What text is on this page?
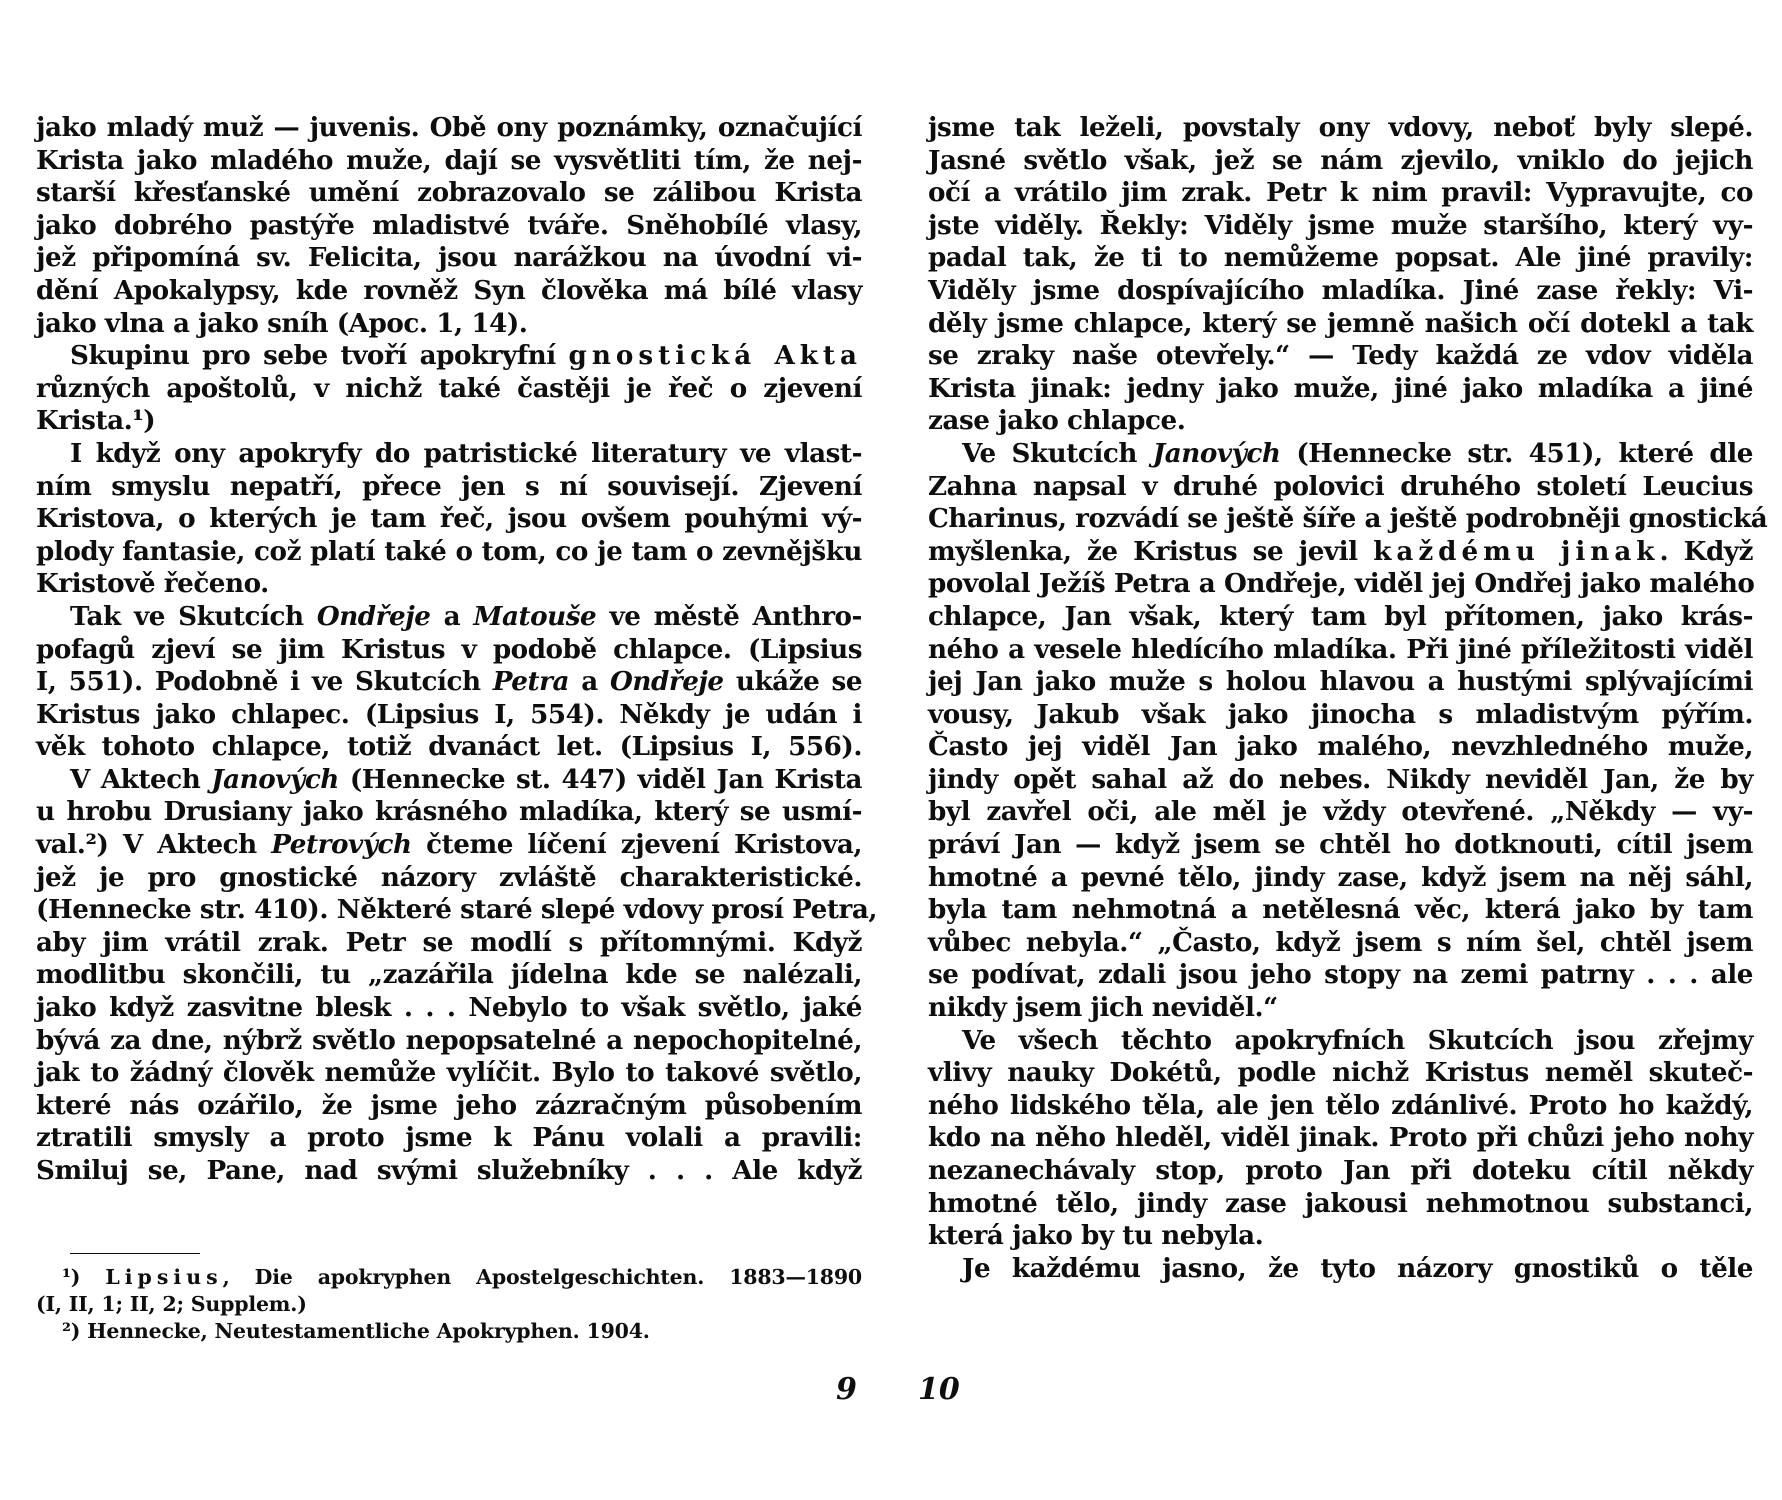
jako mladý muž — juvenis. Obě ony poznámky, označující
Krista jako mladého muže, dají se vysvětliti tím, že nej-
starší křesťanské umění zobrazovalo se zálibou Krista
jako dobrého pastýře mladistvé tváře. Sněhobílé vlasy,
jež připomíná sv. Felicita, jsou narážkou na úvodní vi-
dění Apokalypsy, kde rovněž Syn člověka má bílé vlasy
jako vlna a jako sníh (Apoc. 1, 14).
Skupinu pro sebe tvoří apokryfní gnostická Akta
různých apoštolů, v nichž také častěji je řeč o zjevení
Krista.¹)
I když ony apokryfy do patristické literatury ve vlast-
ním smyslu nepatří, přece jen s ní souvisejí. Zjevení
Kristova, o kterých je tam řeč, jsou ovšem pouhými vý-
plody fantasie, což platí také o tom, co je tam o zevnějšku
Kristově řečeno.
Tak ve Skutcích Ondřeje a Matouše ve městě Anthro-
pofagů zjeví se jim Kristus v podobě chlapce. (Lipsius
I, 551). Podobně i ve Skutcích Petra a Ondřeje ukáže se
Kristus jako chlapec. (Lipsius I, 554). Někdy je udán i
věk tohoto chlapce, totiž dvanáct let. (Lipsius I, 556).
V Aktech Janových (Hennecke st. 447) viděl Jan Krista
u hrobu Drusiany jako krásného mladíka, který se usmí-
val.²) V Aktech Petrových čteme líčení zjevení Kristova,
jež je pro gnostické názory zvláště charakteristické.
(Hennecke str. 410). Některé staré slepé vdovy prosí Petra,
aby jim vrátil zrak. Petr se modlí s přítomnými. Když
modlitbu skončili, tu „zazářila jídelna kde se nalézali,
jako když zasvitne blesk . . . Nebylo to však světlo, jaké
bývá za dne, nýbrž světlo nepopsatelné a nepochopitelné,
jak to žádný člověk nemůže vylíčit. Bylo to takové světlo,
které nás ozářilo, že jsme jeho zázračným působením
ztratili smysly a proto jsme k Pánu volali a pravili:
Smiluj se, Pane, nad svými služebníky . . . Ale když
¹) Lipsius, Die apokryphen Apostelgeschichten. 1883—1890
(I, II, 1; II, 2; Supplem.)
²) Hennecke, Neutestamentliche Apokryphen. 1904.
jsme tak leželi, povstaly ony vdovy, neboť byly slepé.
Jasné světlo však, jež se nám zjevilo, vniklo do jejich
očí a vrátilo jim zrak. Petr k nim pravil: Vypravujte, co
jste viděly. Řekly: Viděly jsme muže staršího, který vy-
padal tak, že ti to nemůžeme popsat. Ale jiné pravily:
Viděly jsme dospívajícího mladíka. Jiné zase řekly: Vi-
děly jsme chlapce, který se jemně našich očí dotekl a tak
se zraky naše otevřely.“ — Tedy každá ze vdov viděla
Krista jinak: jedny jako muže, jiné jako mladíka a jiné
zase jako chlapce.
Ve Skutcích Janových (Hennecke str. 451), které dle
Zahna napsal v druhé polovici druhého století Leucius
Charinus, rozvádí se ještě šíře a ještě podrobněji gnostická
myšlenka, že Kristus se jevil každému jinak. Když
povolal Ježíš Petra a Ondřeje, viděl jej Ondřej jako malého
chlapce, Jan však, který tam byl přítomen, jako krás-
ného a vesele hledícího mladíka. Při jiné příležitosti viděl
jej Jan jako muže s holou hlavou a hustými splývajícími
vousy, Jakub však jako jinocha s mladistvým pýřím.
Často jej viděl Jan jako malého, nevzhledného muže,
jindy opět sahal až do nebes. Nikdy neviděl Jan, že by
byl zavřel oči, ale měl je vždy otevřené. „Někdy — vy-
práví Jan — když jsem se chtěl ho dotknouti, cítil jsem
hmotné a pevné tělo, jindy zase, když jsem na něj sáhl,
byla tam nehmotná a netělesná věc, která jako by tam
vůbec nebyla.“ „Často, když jsem s ním šel, chtěl jsem
se podívat, zdali jsou jeho stopy na zemi patrny . . . ale
nikdy jsem jich neviděl.“
Ve všech těchto apokryfních Skutcích jsou zřejmy
vlivy nauky Dokétů, podle nichž Kristus neměl skuteč-
ného lidského těla, ale jen tělo zdánlivé. Proto ho každý,
kdo na něho hleděl, viděl jinak. Proto při chůzi jeho nohy
nezanechávaly stop, proto Jan při doteku cítil někdy
hmotné tělo, jindy zase jakousi nehmotnou substanci,
která jako by tu nebyla.
Je každému jasno, že tyto názory gnostiků o těle
9 10
